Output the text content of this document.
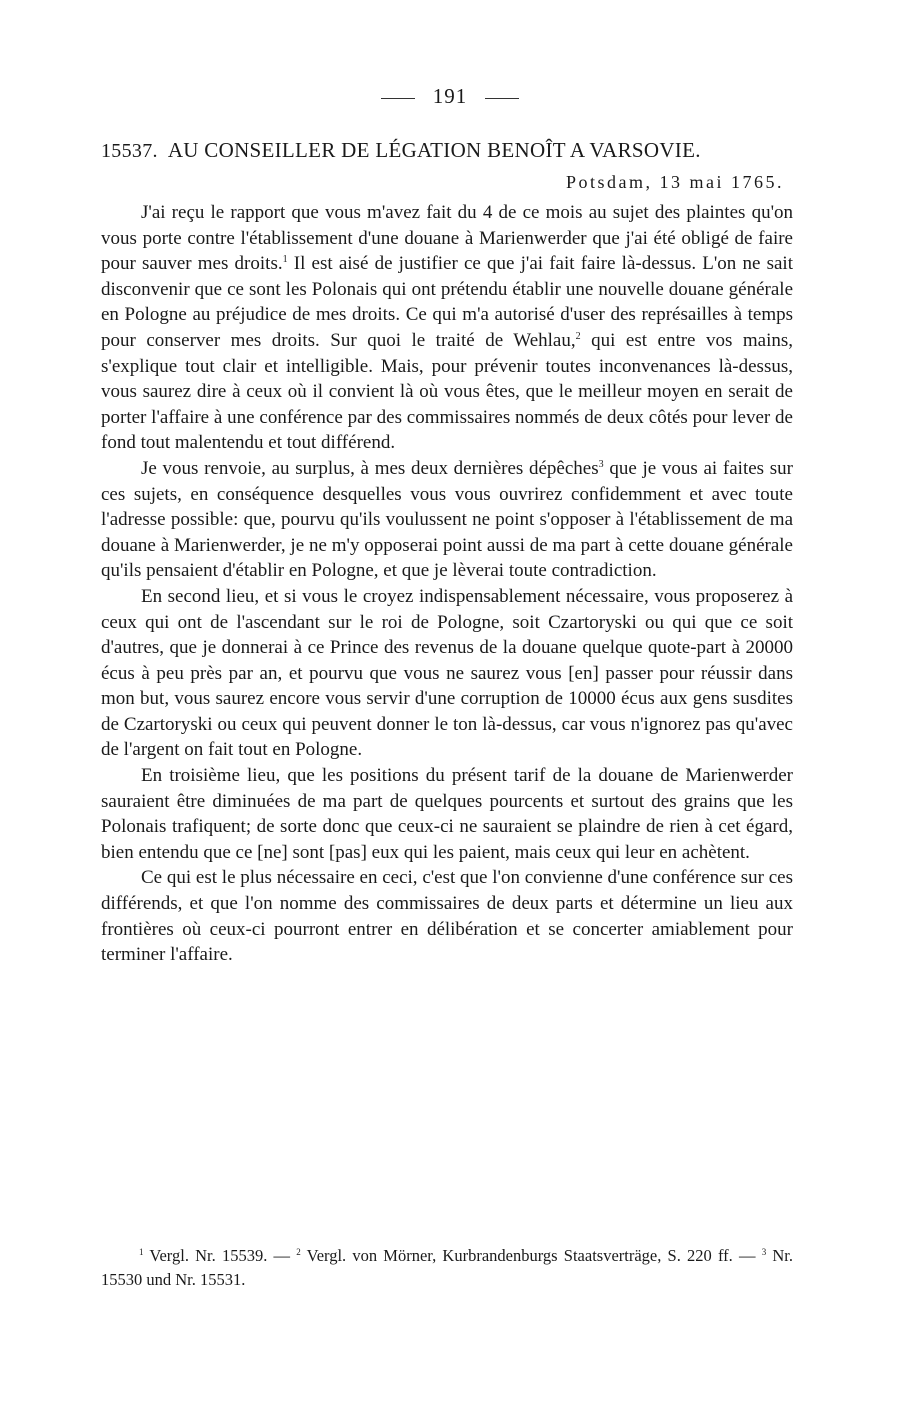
191
15537. AU CONSEILLER DE LÉGATION BENOÎT A VARSOVIE.
Potsdam, 13 mai 1765.

J'ai reçu le rapport que vous m'avez fait du 4 de ce mois au sujet des plaintes qu'on vous porte contre l'établissement d'une douane à Marienwerder que j'ai été obligé de faire pour sauver mes droits.$^1$ Il est aisé de justifier ce que j'ai fait faire là-dessus. L'on ne sait disconvenir que ce sont les Polonais qui ont prétendu établir une nouvelle douane générale en Pologne au préjudice de mes droits. Ce qui m'a autorisé d'user des représailles à temps pour conserver mes droits. Sur quoi le traité de Wehlau,$^2$ qui est entre vos mains, s'explique tout clair et intelligible. Mais, pour prévenir toutes inconvenances là-dessus, vous saurez dire à ceux où il convient là où vous êtes, que le meilleur moyen en serait de porter l'affaire à une conférence par des commissaires nommés de deux côtés pour lever de fond tout malentendu et tout différend.

Je vous renvoie, au surplus, à mes deux dernières dépêches$^3$ que je vous ai faites sur ces sujets, en conséquence desquelles vous vous ouvrirez confidemment et avec toute l'adresse possible: que, pourvu qu'ils voulussent ne point s'opposer à l'établissement de ma douane à Marienwerder, je ne m'y opposerai point aussi de ma part à cette douane générale qu'ils pensaient d'établir en Pologne, et que je lèverai toute contradiction.

En second lieu, et si vous le croyez indispensablement nécessaire, vous proposerez à ceux qui ont de l'ascendant sur le roi de Pologne, soit Czartoryski ou qui que ce soit d'autres, que je donnerai à ce Prince des revenus de la douane quelque quote-part à 20000 écus à peu près par an, et pourvu que vous ne saurez vous [en] passer pour réussir dans mon but, vous saurez encore vous servir d'une corruption de 10000 écus aux gens susdites de Czartoryski ou ceux qui peuvent donner le ton là-dessus, car vous n'ignorez pas qu'avec de l'argent on fait tout en Pologne.

En troisième lieu, que les positions du présent tarif de la douane de Marienwerder sauraient être diminuées de ma part de quelques pourcents et surtout des grains que les Polonais trafiquent; de sorte donc que ceux-ci ne sauraient se plaindre de rien à cet égard, bien entendu que ce [ne] sont [pas] eux qui les paient, mais ceux qui leur en achètent.

Ce qui est le plus nécessaire en ceci, c'est que l'on convienne d'une conférence sur ces différends, et que l'on nomme des commissaires de deux parts et détermine un lieu aux frontières où ceux-ci pourront entrer en délibération et se concerter amiablement pour terminer l'affaire.

$^1$ Vergl. Nr. 15539. — $^2$ Vergl. von Mörner, Kurbrandenburgs Staatsverträge, S. 220 ff. — $^3$ Nr. 15530 und Nr. 15531.
